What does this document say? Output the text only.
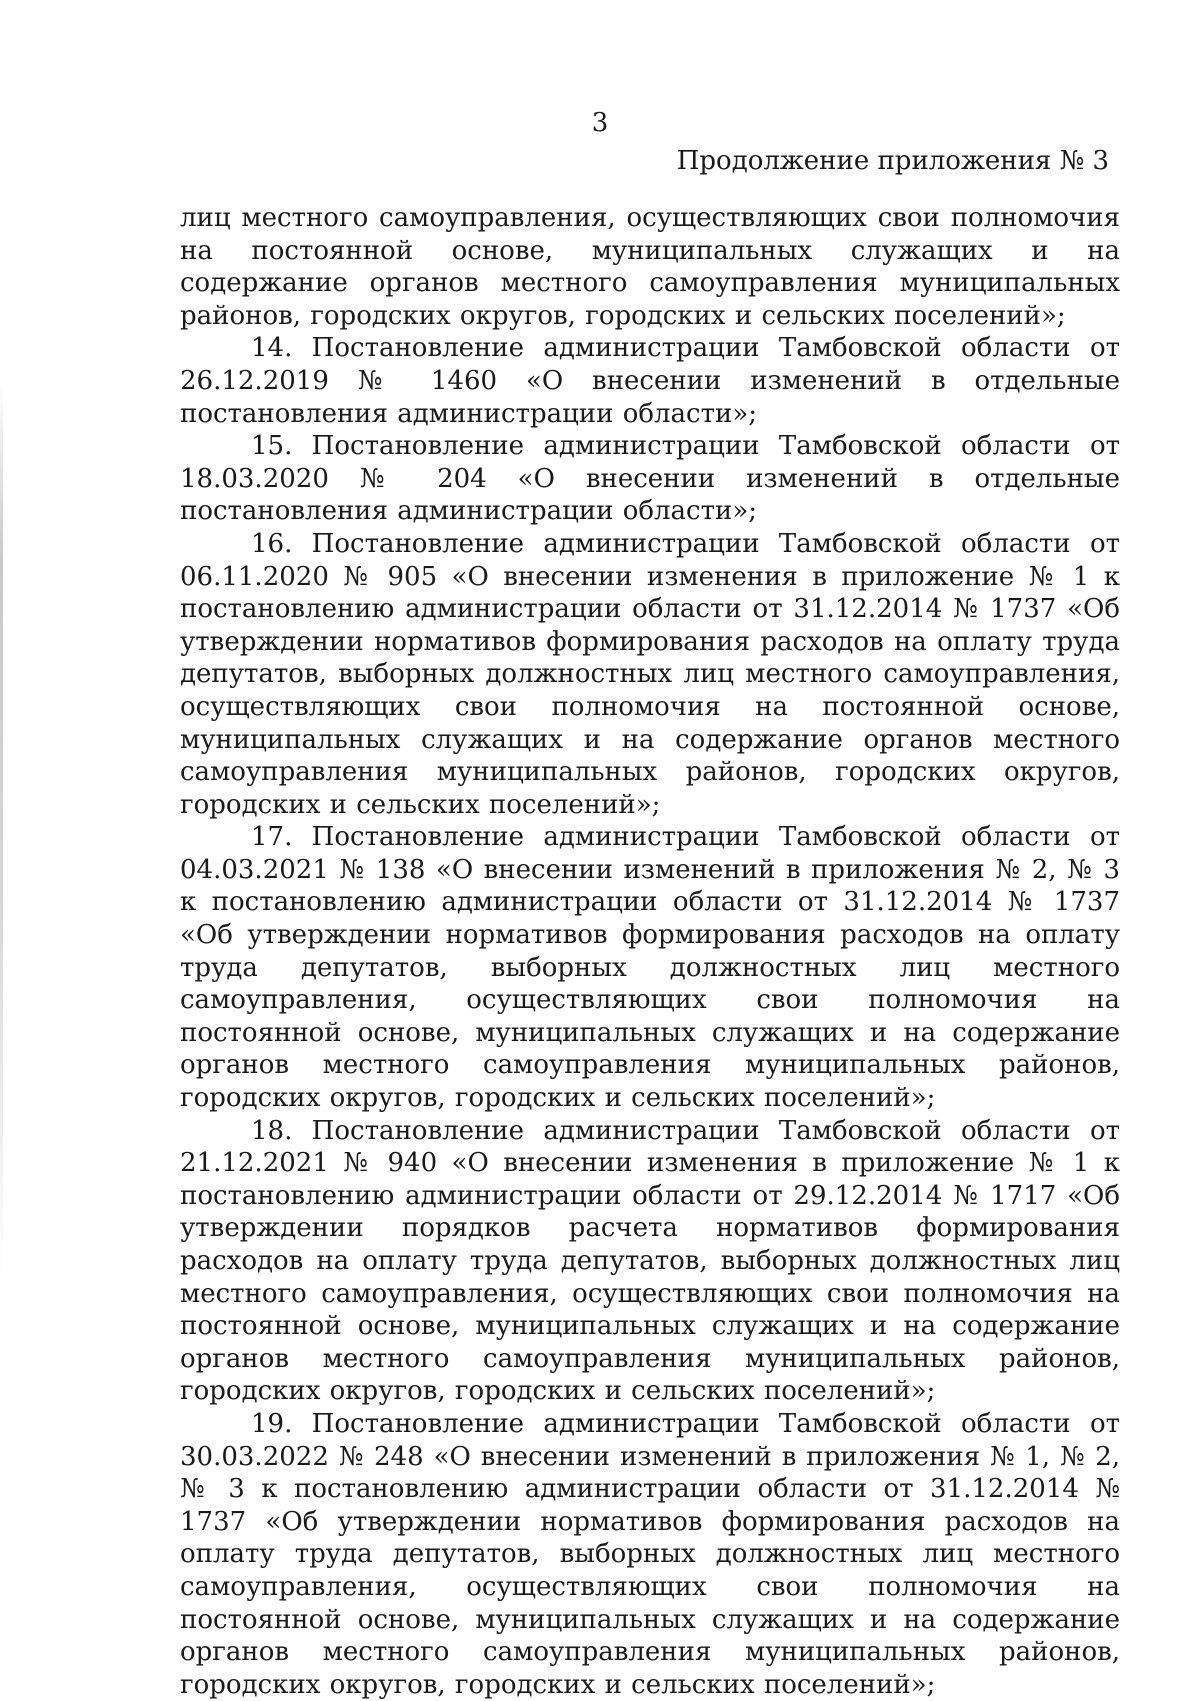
3
Продолжение приложения № 3

лиц местного самоуправления, осуществляющих свои полномочия на постоянной основе, муниципальных служащих и на содержание органов местного самоуправления муниципальных районов, городских округов, городских и сельских поселений»;

14. Постановление администрации Тамбовской области от 26.12.2019 № 1460 «О внесении изменений в отдельные постановления администрации области»;

15. Постановление администрации Тамбовской области от 18.03.2020 № 204 «О внесении изменений в отдельные постановления администрации области»;

16. Постановление администрации Тамбовской области от 06.11.2020 № 905 «О внесении изменения в приложение № 1 к постановлению администрации области от 31.12.2014 № 1737 «Об утверждении нормативов формирования расходов на оплату труда депутатов, выборных должностных лиц местного самоуправления, осуществляющих свои полномочия на постоянной основе, муниципальных служащих и на содержание органов местного самоуправления муниципальных районов, городских округов, городских и сельских поселений»;

17. Постановление администрации Тамбовской области от 04.03.2021 № 138 «О внесении изменений в приложения № 2, № 3 к постановлению администрации области от 31.12.2014 № 1737 «Об утверждении нормативов формирования расходов на оплату труда депутатов, выборных должностных лиц местного самоуправления, осуществляющих свои полномочия на постоянной основе, муниципальных служащих и на содержание органов местного самоуправления муниципальных районов, городских округов, городских и сельских поселений»;

18. Постановление администрации Тамбовской области от 21.12.2021 № 940 «О внесении изменения в приложение № 1 к постановлению администрации области от 29.12.2014 № 1717 «Об утверждении порядков расчета нормативов формирования расходов на оплату труда депутатов, выборных должностных лиц местного самоуправления, осуществляющих свои полномочия на постоянной основе, муниципальных служащих и на содержание органов местного самоуправления муниципальных районов, городских округов, городских и сельских поселений»;

19. Постановление администрации Тамбовской области от 30.03.2022 № 248 «О внесении изменений в приложения № 1, № 2, № 3 к постановлению администрации области от 31.12.2014 № 1737 «Об утверждении нормативов формирования расходов на оплату труда депутатов, выборных должностных лиц местного самоуправления, осуществляющих свои полномочия на постоянной основе, муниципальных служащих и на содержание органов местного самоуправления муниципальных районов, городских округов, городских и сельских поселений»;
